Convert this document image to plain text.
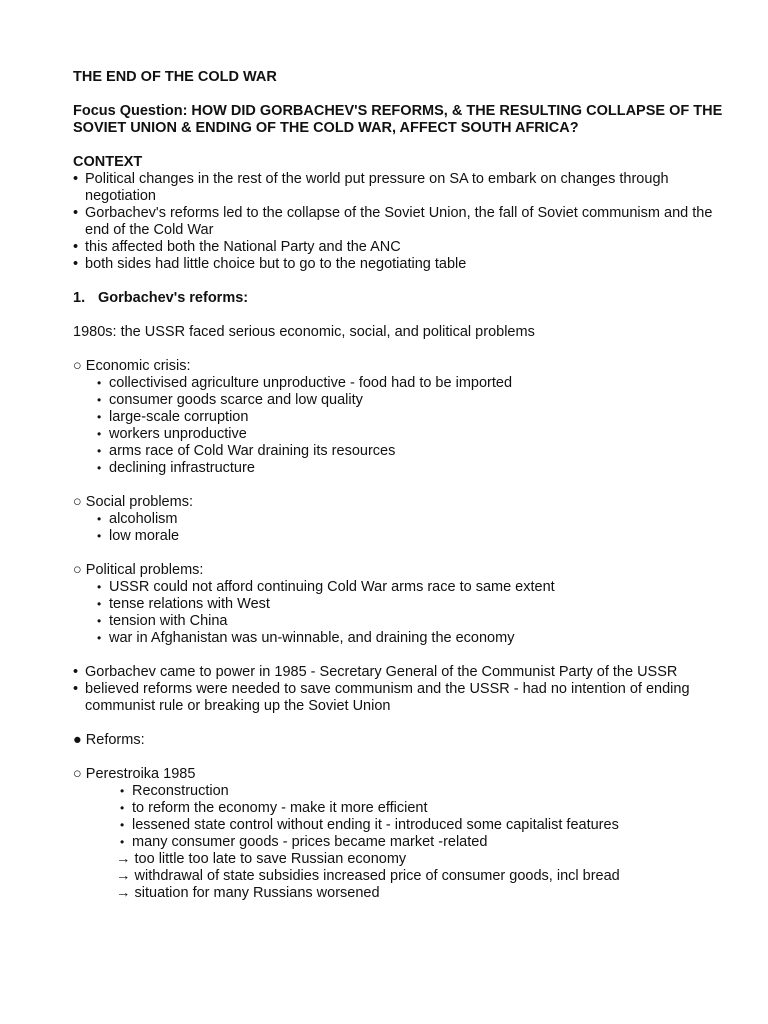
THE END OF THE COLD WAR

Focus Question: HOW DID GORBACHEV'S REFORMS, & THE RESULTING COLLAPSE OF THE SOVIET UNION & ENDING OF THE COLD WAR, AFFECT SOUTH AFRICA?

CONTEXT

• Political changes in the rest of the world put pressure on SA to embark on changes through negotiation
• Gorbachev's reforms led to the collapse of the Soviet Union, the fall of Soviet communism and the end of the Cold War
• this affected both the National Party and the ANC
• both sides had little choice but to go to the negotiating table

1. Gorbachev's reforms:

1980s: the USSR faced serious economic, social, and political problems

○ Economic crisis:

• collectivised agriculture unproductive - food had to be imported
• consumer goods scarce and low quality
• large-scale corruption
• workers unproductive
• arms race of Cold War draining its resources
• declining infrastructure

○ Social problems:

• alcoholism
• low morale

○ Political problems:

• USSR could not afford continuing Cold War arms race to same extent
• tense relations with West
• tension with China
• war in Afghanistan was un-winnable, and draining the economy
• Gorbachev came to power in 1985 - Secretary General of the Communist Party of the USSR
• believed reforms were needed to save communism and the USSR - had no intention of ending communist rule or breaking up the Soviet Union

● Reforms:

○ Perestroika 1985

• Reconstruction
• to reform the economy - make it more efficient
• lessened state control without ending it - introduced some capitalist features
• many consumer goods - prices became market -related
→ too little too late to save Russian economy
→ withdrawal of state subsidies increased price of consumer goods, incl bread
→ situation for many Russians worsened
